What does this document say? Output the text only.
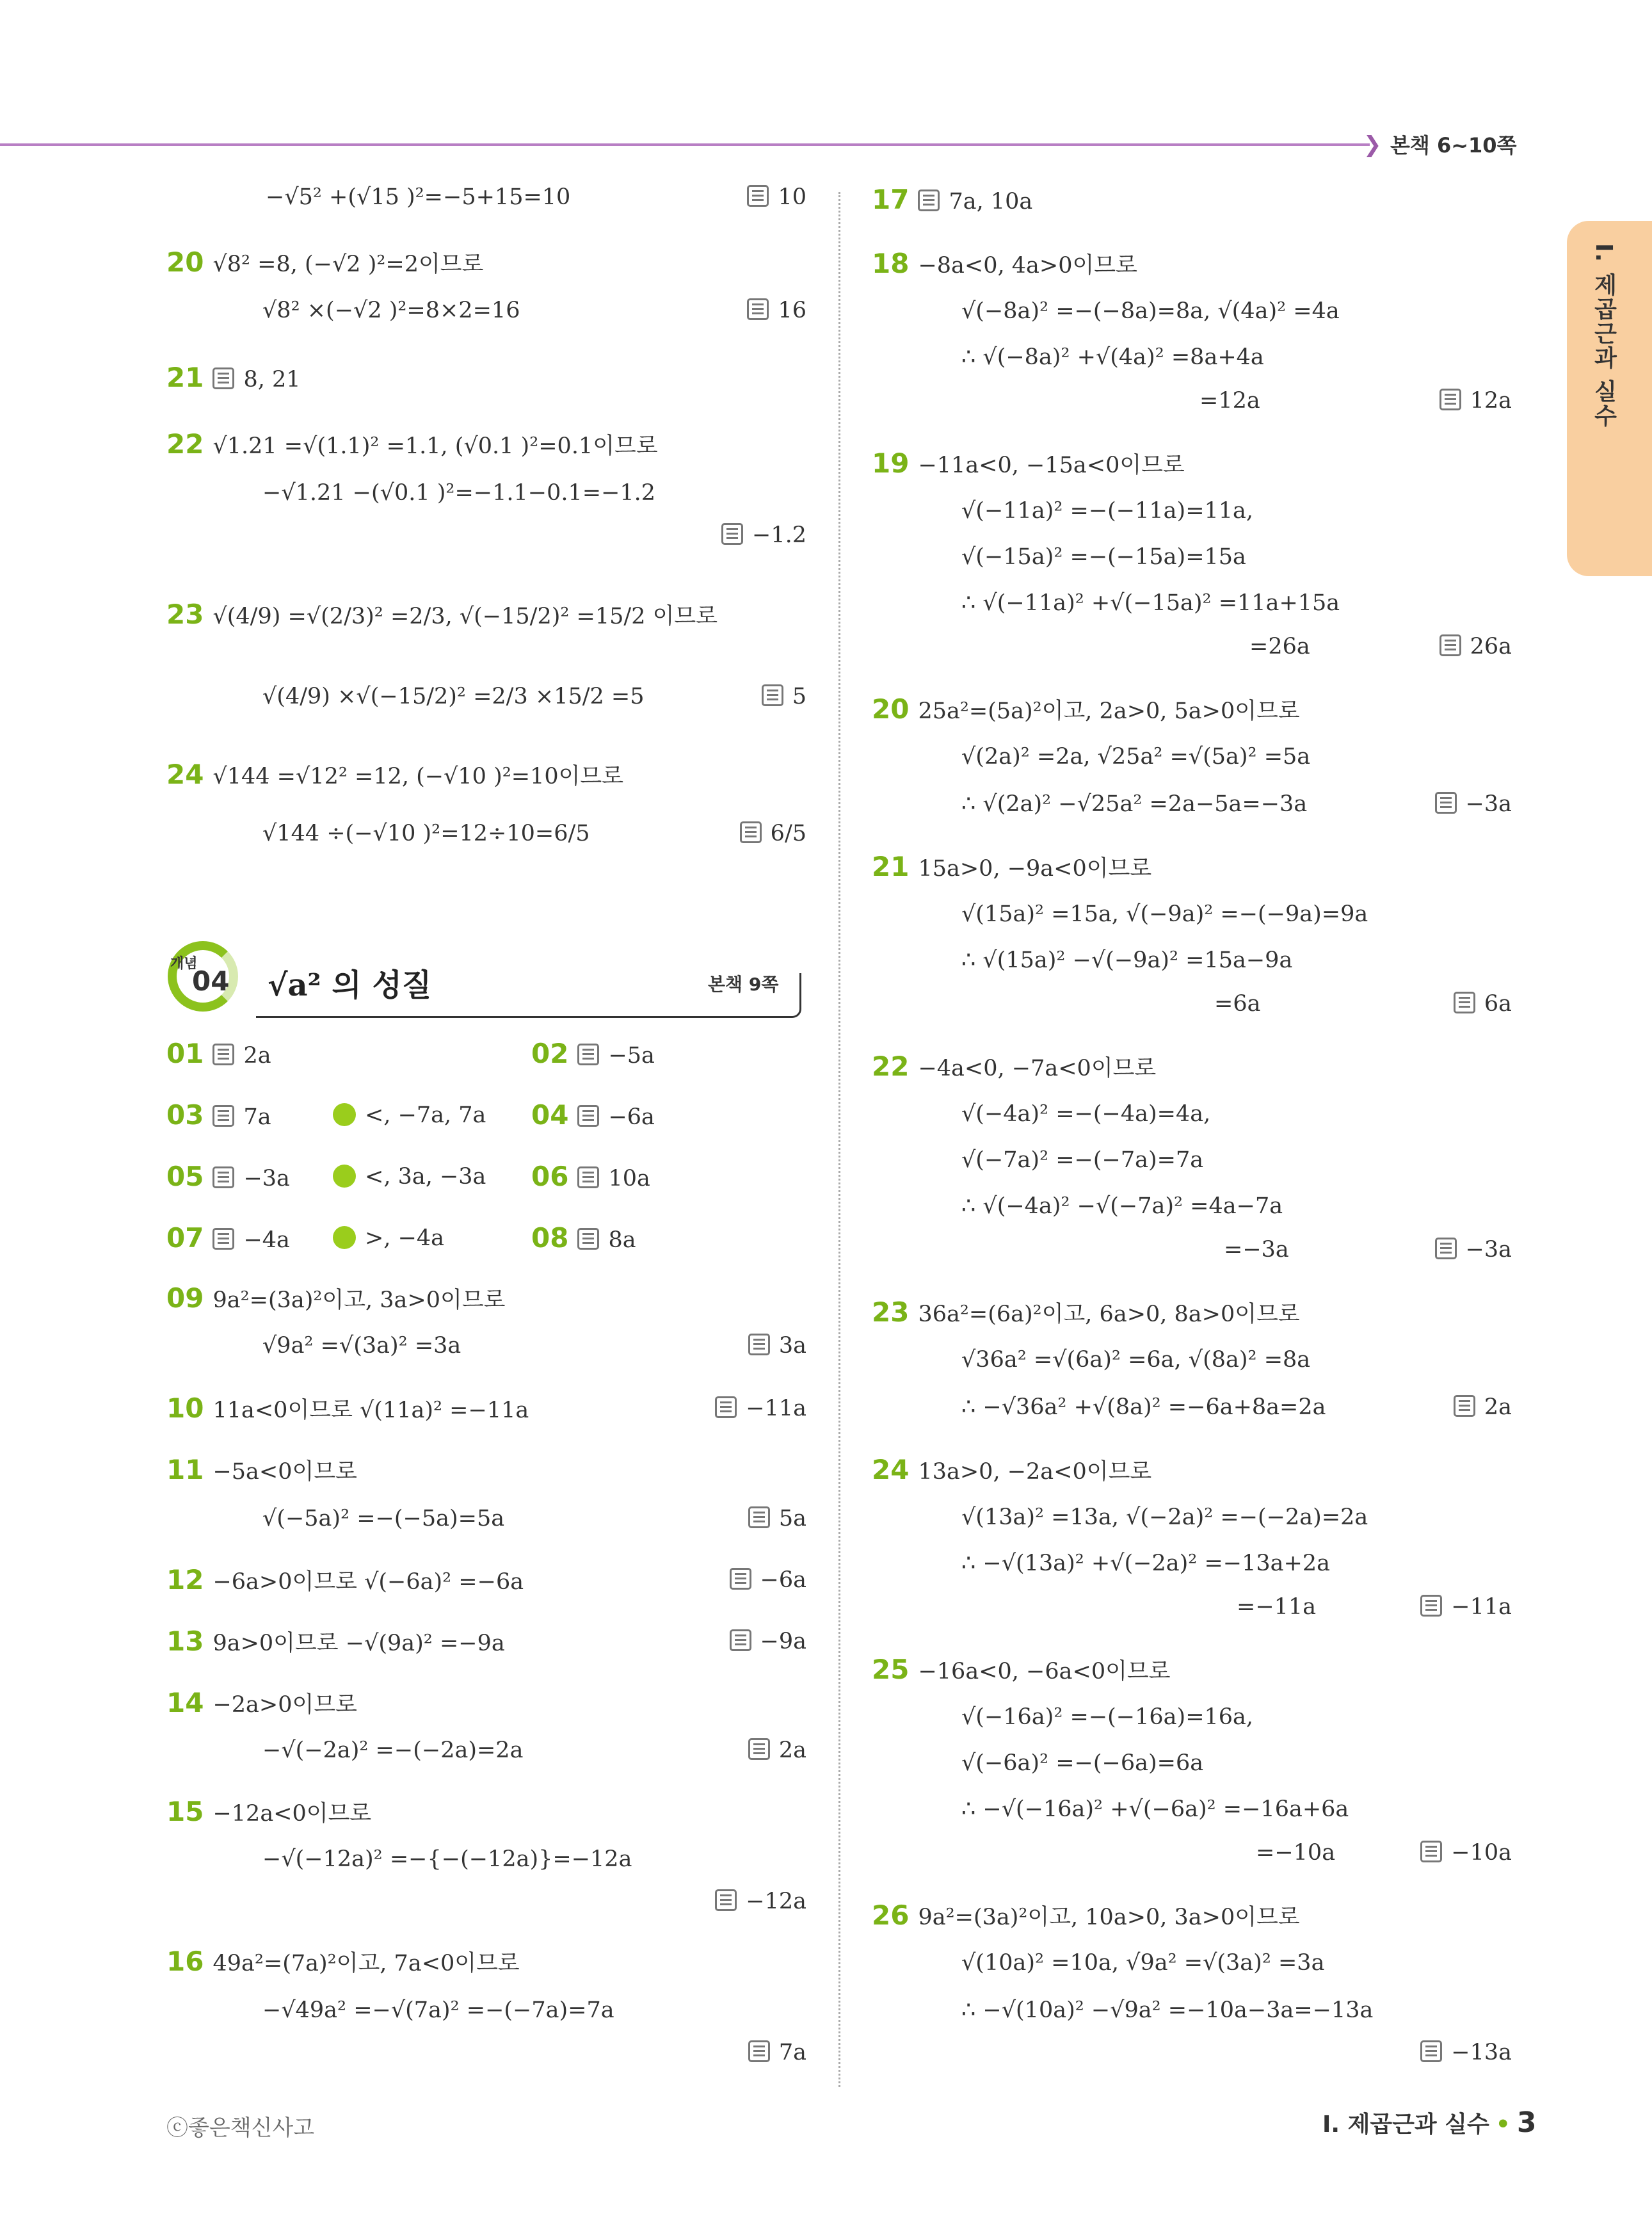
❯ 본책 6~10쪽
I. 제곱근과 실수
개념
04 √a² 의 성질	본책 9쪽
−√5² +(√15 )²=−5+15=10	10
20 √8² =8, (−√2 )²=2이므로
√8² ×(−√2 )²=8×2=16	16
21 8, 21
22 √1.21 =√(1.1)² =1.1, (√0.1 )²=0.1이므로
−√1.21 −(√0.1 )²=−1.1−0.1=−1.2
−1.2
23 √(4/9) =√(2/3)² =2/3, √(−15/2)² =15/2 이므로
√(4/9) ×√(−15/2)² =2/3 ×15/2 =5	5
24 √144 =√12² =12, (−√10 )²=10이므로
√144 ÷(−√10 )²=12÷10=6/5	6/5
01 2a	02 −5a
03 7a	<, −7a, 7a 04 −6a
05 −3a	<, 3a, −3a 06 10a
07 −4a	>, −4a	08 8a
09 9a²=(3a)²이고, 3a>0이므로
√9a² =√(3a)² =3a	3a
10 11a<0이므로 √(11a)² =−11a	−11a
11 −5a<0이므로
√(−5a)² =−(−5a)=5a	5a
12 −6a>0이므로 √(−6a)² =−6a	−6a
13 9a>0이므로 −√(9a)² =−9a	−9a
14 −2a>0이므로
−√(−2a)² =−(−2a)=2a	2a
15 −12a<0이므로
−√(−12a)² =−{−(−12a)}=−12a
−12a
16 49a²=(7a)²이고, 7a<0이므로
−√49a² =−√(7a)² =−(−7a)=7a
7a
17 7a, 10a
18 −8a<0, 4a>0이므로
√(−8a)² =−(−8a)=8a, √(4a)² =4a
∴ √(−8a)² +√(4a)² =8a+4a
=12a	12a
19 −11a<0, −15a<0이므로
√(−11a)² =−(−11a)=11a,
√(−15a)² =−(−15a)=15a
∴ √(−11a)² +√(−15a)² =11a+15a
=26a	26a
20 25a²=(5a)²이고, 2a>0, 5a>0이므로
√(2a)² =2a, √25a² =√(5a)² =5a
∴ √(2a)² −√25a² =2a−5a=−3a	−3a
21 15a>0, −9a<0이므로
√(15a)² =15a, √(−9a)² =−(−9a)=9a
∴ √(15a)² −√(−9a)² =15a−9a
=6a	6a
22 −4a<0, −7a<0이므로
√(−4a)² =−(−4a)=4a,
√(−7a)² =−(−7a)=7a
∴ √(−4a)² −√(−7a)² =4a−7a
=−3a	−3a
23 36a²=(6a)²이고, 6a>0, 8a>0이므로
√36a² =√(6a)² =6a, √(8a)² =8a
∴ −√36a² +√(8a)² =−6a+8a=2a	2a
24 13a>0, −2a<0이므로
√(13a)² =13a, √(−2a)² =−(−2a)=2a
∴ −√(13a)² +√(−2a)² =−13a+2a
=−11a	−11a
25 −16a<0, −6a<0이므로
√(−16a)² =−(−16a)=16a,
√(−6a)² =−(−6a)=6a
∴ −√(−16a)² +√(−6a)² =−16a+6a
=−10a	−10a
26 9a²=(3a)²이고, 10a>0, 3a>0이므로
√(10a)² =10a, √9a² =√(3a)² =3a
∴ −√(10a)² −√9a² =−10a−3a=−13a
−13a
ⓒ좋은책신사고	I. 제곱근과 실수 • 3
